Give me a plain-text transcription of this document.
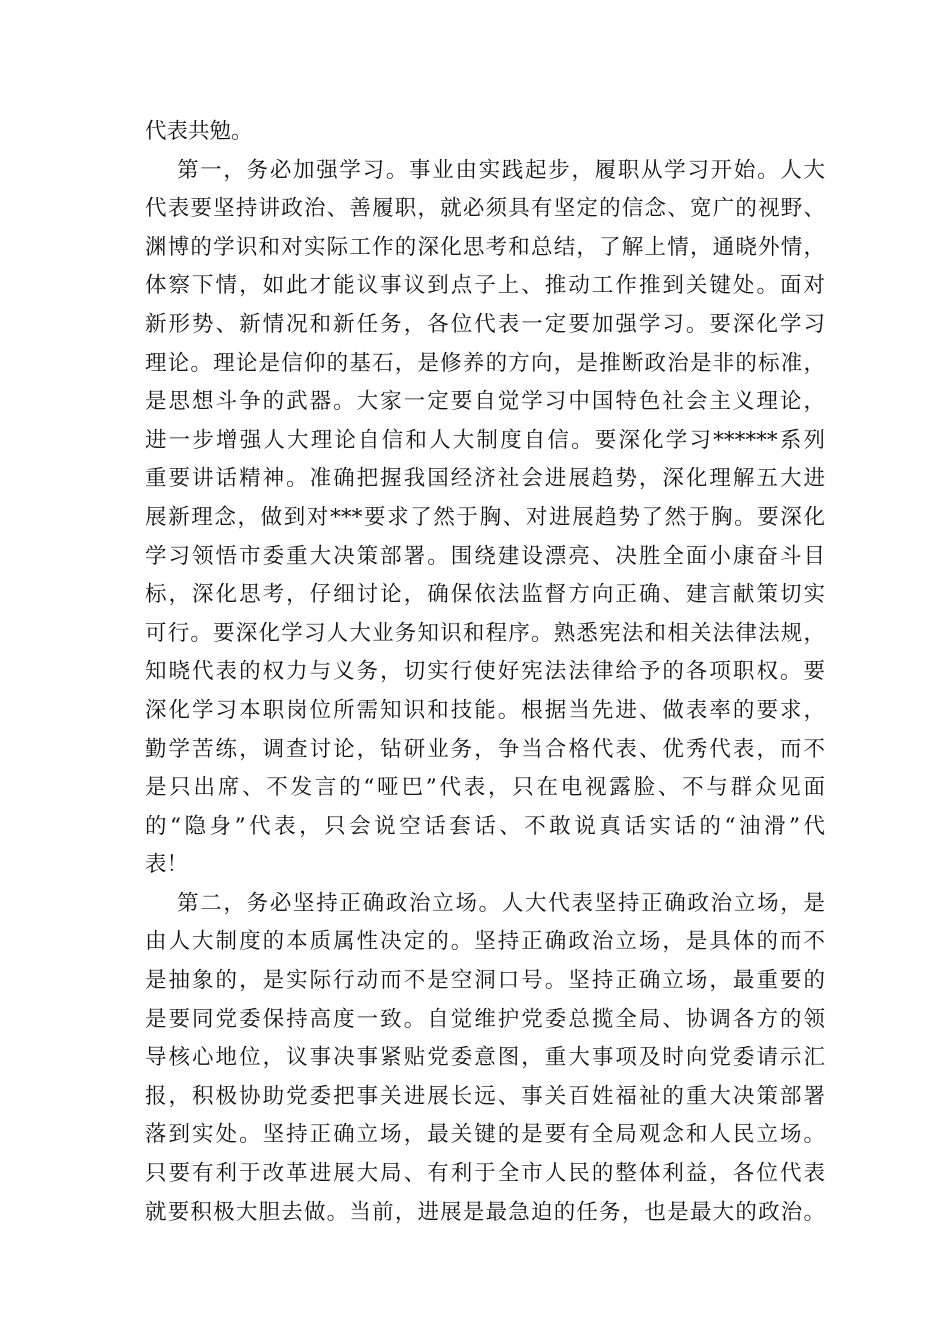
代表共勉。
第一，务必加强学习。事业由实践起步，履职从学习开始。人大
代表要坚持讲政治、善履职，就必须具有坚定的信念、宽广的视野、
渊博的学识和对实际工作的深化思考和总结，了解上情，通晓外情，
体察下情，如此才能议事议到点子上、推动工作推到关键处。面对
新形势、新情况和新任务，各位代表一定要加强学习。要深化学习
理论。理论是信仰的基石，是修养的方向，是推断政治是非的标准，
是思想斗争的武器。大家一定要自觉学习中国特色社会主义理论，
进一步增强人大理论自信和人大制度自信。要深化学习******系列
重要讲话精神。准确把握我国经济社会进展趋势，深化理解五大进
展新理念，做到对***要求了然于胸、对进展趋势了然于胸。要深化
学习领悟市委重大决策部署。围绕建设漂亮、决胜全面小康奋斗目
标，深化思考，仔细讨论，确保依法监督方向正确、建言献策切实
可行。要深化学习人大业务知识和程序。熟悉宪法和相关法律法规，
知晓代表的权力与义务，切实行使好宪法法律给予的各项职权。要
深化学习本职岗位所需知识和技能。根据当先进、做表率的要求，
勤学苦练，调查讨论，钻研业务，争当合格代表、优秀代表，而不
是只出席、不发言的“哑巴”代表，只在电视露脸、不与群众见面
的“隐身”代表，只会说空话套话、不敢说真话实话的“油滑”代
表！
第二，务必坚持正确政治立场。人大代表坚持正确政治立场，是
由人大制度的本质属性决定的。坚持正确政治立场，是具体的而不
是抽象的，是实际行动而不是空洞口号。坚持正确立场，最重要的
是要同党委保持高度一致。自觉维护党委总揽全局、协调各方的领
导核心地位，议事决事紧贴党委意图，重大事项及时向党委请示汇
报，积极协助党委把事关进展长远、事关百姓福祉的重大决策部署
落到实处。坚持正确立场，最关键的是要有全局观念和人民立场。
只要有利于改革进展大局、有利于全市人民的整体利益，各位代表
就要积极大胆去做。当前，进展是最急迫的任务，也是最大的政治。
